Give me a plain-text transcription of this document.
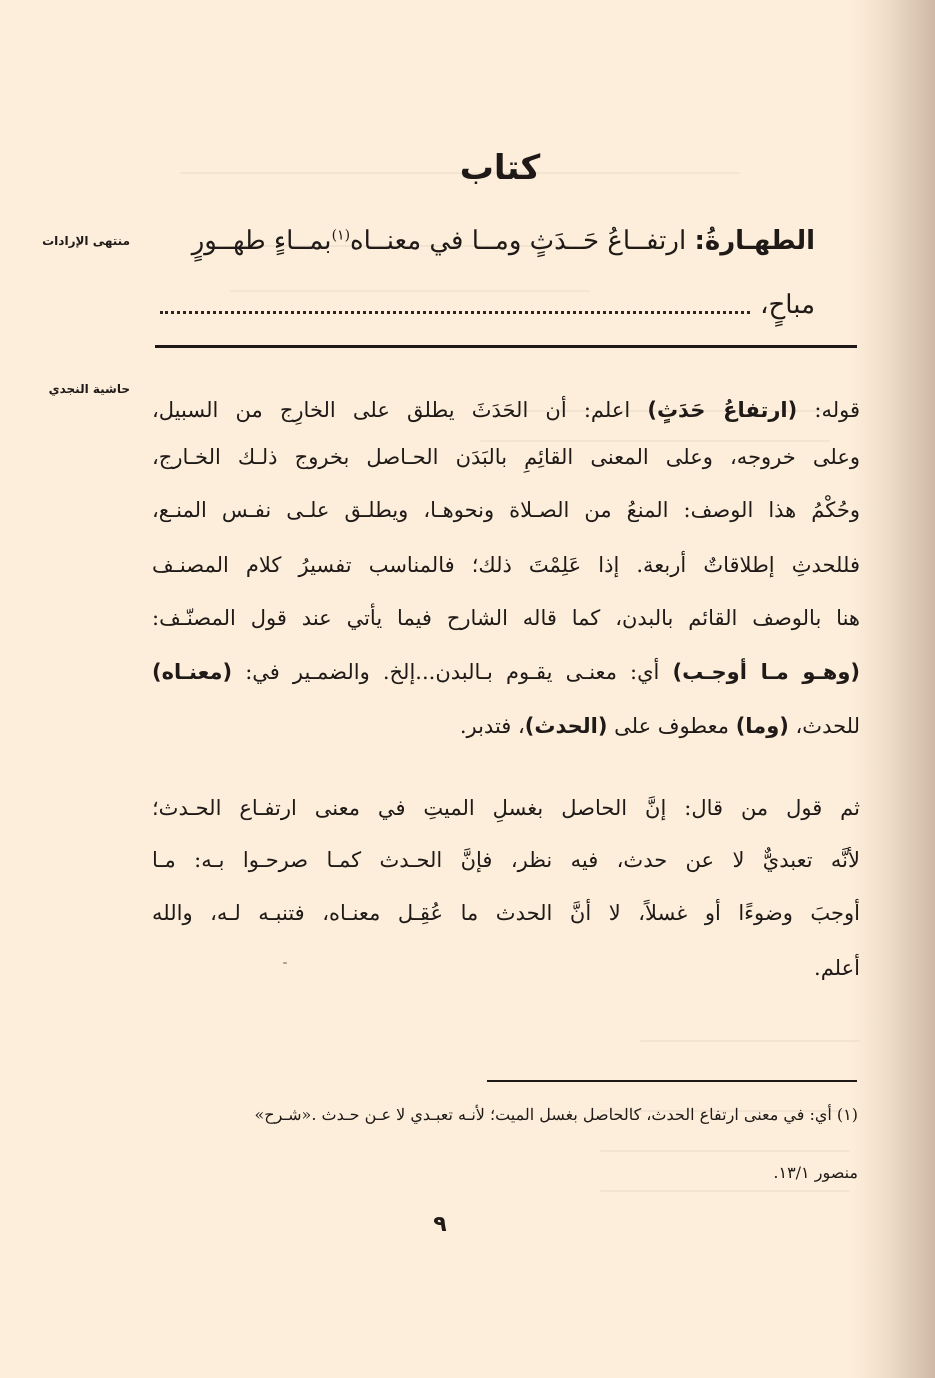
منتهى الإرادات
حاشية النجدي
كتاب
الطهـارةُ: ارتفــاعُ حَــدَثٍ ومــا في معنــاه$^{(١)}$بمــاءٍ طهــورٍ
مباحٍ،
قوله: (ارتفاعُ حَدَثٍ) اعلم: أن الحَدَثَ يطلق على الخارِج من السبيل،
وعلى خروجه، وعلى المعنى القائِمِ بالبَدَن الحـاصل بخروج ذلـك الخـارج،
وحُكْمُ هذا الوصف: المنعُ من الصـلاة ونحوهـا، ويطلـق علـى نفـس المنـع،
فللحدثِ إطلاقاتٌ أربعة. إذا عَلِمْتَ ذلك؛ فالمناسب تفسيرُ كلام المصنـف
هنا بالوصف القائم بالبدن، كما قاله الشارح فيما يأتي عند قول المصنّـف:
(وهـو مـا أوجـب) أي: معنـى يقـوم بـالبدن...إلخ. والضمـير في: (معنـاه)
للحدث، (وما) معطوف على (الحدث)، فتدبر.
ثم قول من قال: إنَّ الحاصل بغسلِ الميتِ في معنى ارتفـاع الحـدث؛
لأنَّه تعبديٌّ لا عن حدث، فيه نظر، فإنَّ الحـدث كمـا صرحـوا بـه: مـا
أوجبَ وضوءًا أو غسلاً، لا أنَّ الحدث ما عُقِـل معنـاه، فتنبـه لـه، والله
أعلم.
(١) أي: في معنى ارتفاع الحدث، كالحاصل بغسل الميت؛ لأنـه تعبـدي لا عـن حـدث .«شـرح»
منصور ١٣/١.
٩
